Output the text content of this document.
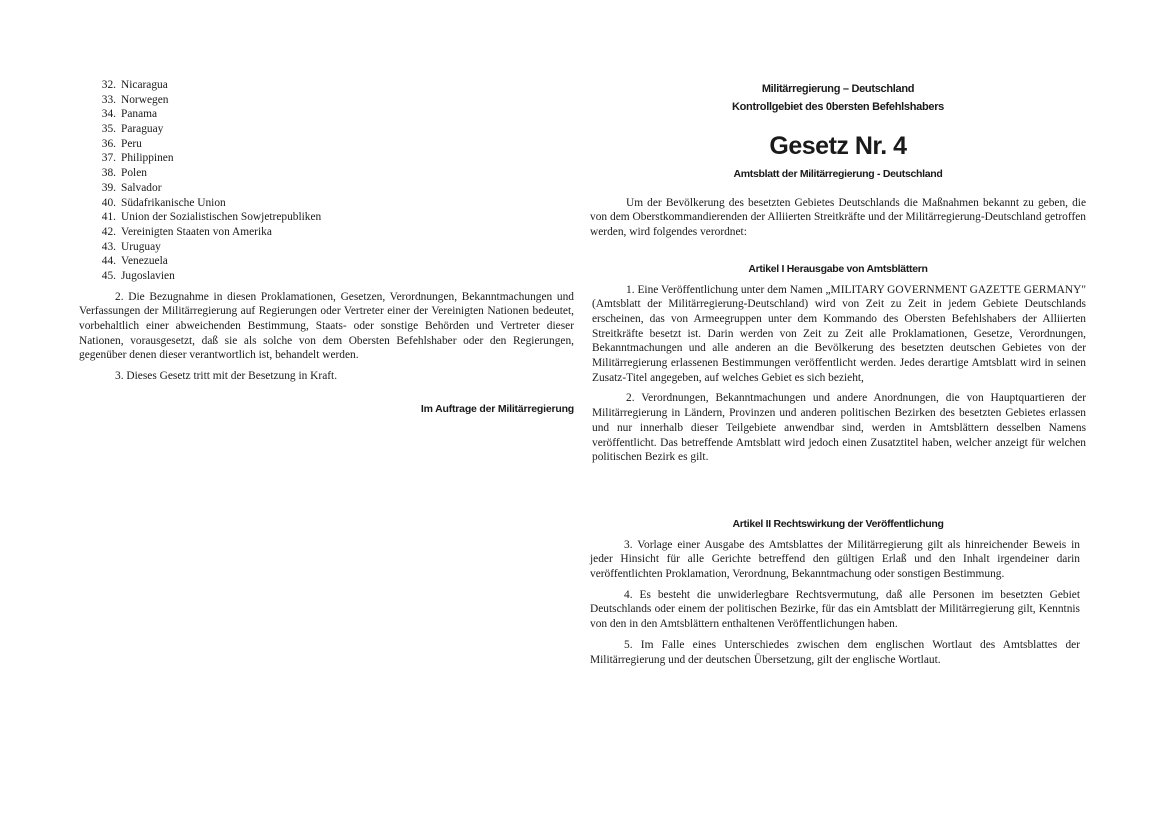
32. Nicaragua
33. Norwegen
34. Panama
35. Paraguay
36. Peru
37. Philippinen
38. Polen
39. Salvador
40. Südafrikanische Union
41. Union der Sozialistischen Sowjetrepubliken
42. Vereinigten Staaten von Amerika
43. Uruguay
44. Venezuela
45. Jugoslavien

2. Die Bezugnahme in diesen Proklamationen, Gesetzen, Verordnungen, Bekanntmachungen und Verfassungen der Militärregierung auf Regierungen oder Vertreter einer der Vereinigten Nationen bedeutet, vorbehaltlich einer abweichenden Bestimmung, Staats- oder sonstige Behörden und Vertreter dieser Nationen, vorausgesetzt, daß sie als solche von dem Obersten Befehlshaber oder den Regierungen, gegenüber denen dieser verantwortlich ist, behandelt werden.

3. Dieses Gesetz tritt mit der Besetzung in Kraft.

Im Auftrage der Militärregierung
Militärregierung – Deutschland
Kontrollgebiet des 0bersten Befehlshabers
Gesetz Nr. 4
Amtsblatt der Militärregierung - Deutschland

Um der Bevölkerung des besetzten Gebietes Deutschlands die Maßnahmen bekannt zu geben, die von dem Oberstkommandierenden der Alliierten Streitkräfte und der Militärregierung-Deutschland getroffen werden, wird folgendes verordnet:

Artikel I Herausgabe von Amtsblättern

1. Eine Veröffentlichung unter dem Namen „MILITARY GOVERNMENT GAZETTE GERMANY" (Amtsblatt der Militärregierung-Deutschland) wird von Zeit zu Zeit in jedem Gebiete Deutschlands erscheinen, das von Armeegruppen unter dem Kommando des Obersten Befehlshabers der Alliierten Streitkräfte besetzt ist. Darin werden von Zeit zu Zeit alle Proklamationen, Gesetze, Verordnungen, Bekanntmachungen und alle anderen an die Bevölkerung des besetzten deutschen Gebietes von der Militärregierung erlassenen Bestimmungen veröffentlicht werden. Jedes derartige Amtsblatt wird in seinen Zusatz-Titel angegeben, auf welches Gebiet es sich bezieht,

2. Verordnungen, Bekanntmachungen und andere Anordnungen, die von Hauptquartieren der Militärregierung in Ländern, Provinzen und anderen politischen Bezirken des besetzten Gebietes erlassen und nur innerhalb dieser Teilgebiete anwendbar sind, werden in Amtsblättern desselben Namens veröffentlicht. Das betreffende Amtsblatt wird jedoch einen Zusatztitel haben, welcher anzeigt für welchen politischen Bezirk es gilt.

Artikel II Rechtswirkung der Veröffentlichung

3. Vorlage einer Ausgabe des Amtsblattes der Militärregierung gilt als hinreichender Beweis in jeder Hinsicht für alle Gerichte betreffend den gültigen Erlaß und den Inhalt irgendeiner darin veröffentlichten Proklamation, Verordnung, Bekanntmachung oder sonstigen Bestimmung.

4. Es besteht die unwiderlegbare Rechtsvermutung, daß alle Personen im besetzten Gebiet Deutschlands oder einem der politischen Bezirke, für das ein Amtsblatt der Militärregierung gilt, Kenntnis von den in den Amtsblättern enthaltenen Veröffentlichungen haben.

5. Im Falle eines Unterschiedes zwischen dem englischen Wortlaut des Amtsblattes der Militärregierung und der deutschen Übersetzung, gilt der englische Wortlaut.
